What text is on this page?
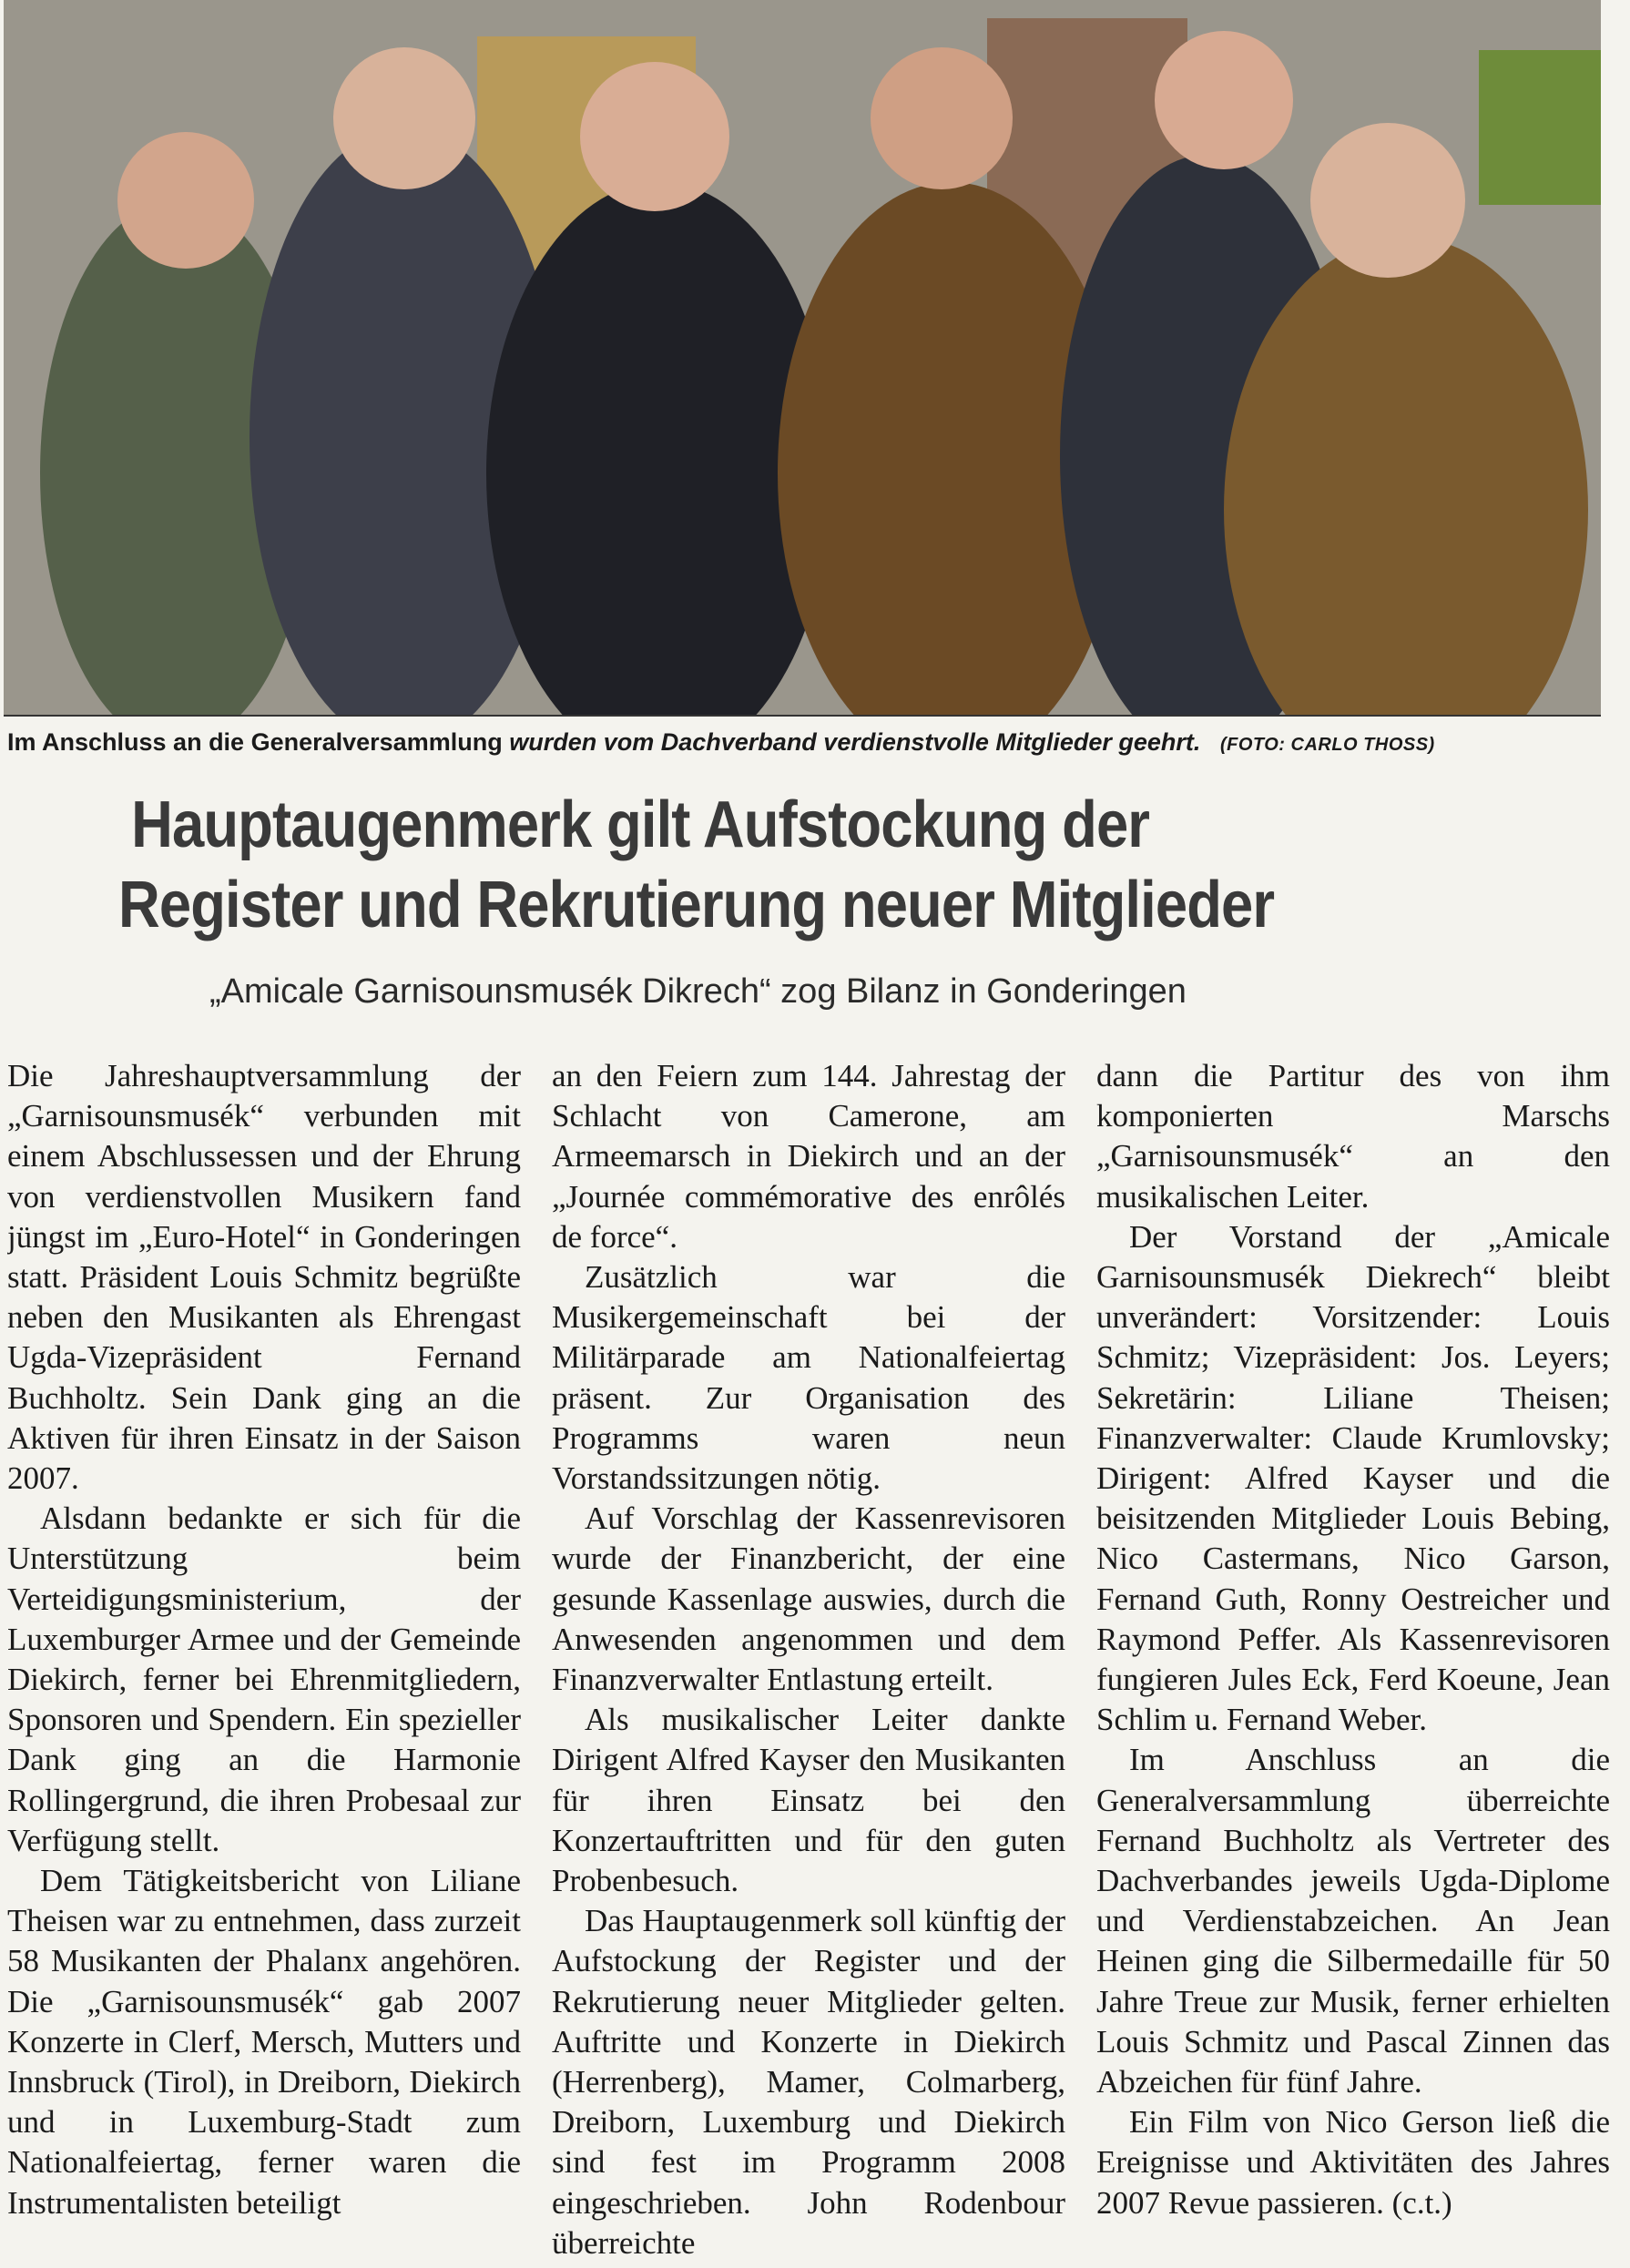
Im Anschluss an die Generalversammlung wurden vom Dachverband verdienstvolle Mitglieder geehrt. (FOTO: CARLO THOSS)
Hauptaugenmerk gilt Aufstockung der
Register und Rekrutierung neuer Mitglieder
„Amicale Garnisounsmusék Dikrech“ zog Bilanz in Gonderingen

Die Jahreshauptversammlung der „Garnisounsmusék“ verbunden mit einem Abschlussessen und der Ehrung von verdienstvollen Musikern fand jüngst im „Euro-Hotel“ in Gonderingen statt. Präsident Louis Schmitz begrüßte neben den Musikanten als Ehrengast Ugda-Vizepräsident Fernand Buchholtz. Sein Dank ging an die Aktiven für ihren Einsatz in der Saison 2007.

Alsdann bedankte er sich für die Unterstützung beim Verteidigungsministerium, der Luxemburger Armee und der Gemeinde Diekirch, ferner bei Ehrenmitgliedern, Sponsoren und Spendern. Ein spezieller Dank ging an die Harmonie Rollingergrund, die ihren Probesaal zur Verfügung stellt.

Dem Tätigkeitsbericht von Liliane Theisen war zu entnehmen, dass zurzeit 58 Musikanten der Phalanx angehören. Die „Garnisounsmusék“ gab 2007 Konzerte in Clerf, Mersch, Mutters und Innsbruck (Tirol), in Dreiborn, Diekirch und in Luxemburg-Stadt zum Nationalfeiertag, ferner waren die Instrumentalisten beteiligt

an den Feiern zum 144. Jahrestag der Schlacht von Camerone, am Armeemarsch in Diekirch und an der „Journée commémorative des enrôlés de force“.

Zusätzlich war die Musikergemeinschaft bei der Militärparade am Nationalfeiertag präsent. Zur Organisation des Programms waren neun Vorstandssitzungen nötig.

Auf Vorschlag der Kassenrevisoren wurde der Finanzbericht, der eine gesunde Kassenlage auswies, durch die Anwesenden angenommen und dem Finanzverwalter Entlastung erteilt.

Als musikalischer Leiter dankte Dirigent Alfred Kayser den Musikanten für ihren Einsatz bei den Konzertauftritten und für den guten Probenbesuch.

Das Hauptaugenmerk soll künftig der Aufstockung der Register und der Rekrutierung neuer Mitglieder gelten. Auftritte und Konzerte in Diekirch (Herrenberg), Mamer, Colmarberg, Dreiborn, Luxemburg und Diekirch sind fest im Programm 2008 eingeschrieben. John Rodenbour überreichte

dann die Partitur des von ihm komponierten Marschs „Garnisounsmusék“ an den musikalischen Leiter.

Der Vorstand der „Amicale Garnisounsmusék Diekrech“ bleibt unverändert: Vorsitzender: Louis Schmitz; Vizepräsident: Jos. Leyers; Sekretärin: Liliane Theisen; Finanzverwalter: Claude Krumlovsky; Dirigent: Alfred Kayser und die beisitzenden Mitglieder Louis Bebing, Nico Castermans, Nico Garson, Fernand Guth, Ronny Oestreicher und Raymond Peffer. Als Kassenrevisoren fungieren Jules Eck, Ferd Koeune, Jean Schlim u. Fernand Weber.

Im Anschluss an die Generalversammlung überreichte Fernand Buchholtz als Vertreter des Dachverbandes jeweils Ugda-Diplome und Verdienstabzeichen. An Jean Heinen ging die Silbermedaille für 50 Jahre Treue zur Musik, ferner erhielten Louis Schmitz und Pascal Zinnen das Abzeichen für fünf Jahre.

Ein Film von Nico Gerson ließ die Ereignisse und Aktivitäten des Jahres 2007 Revue passieren. (c.t.)
